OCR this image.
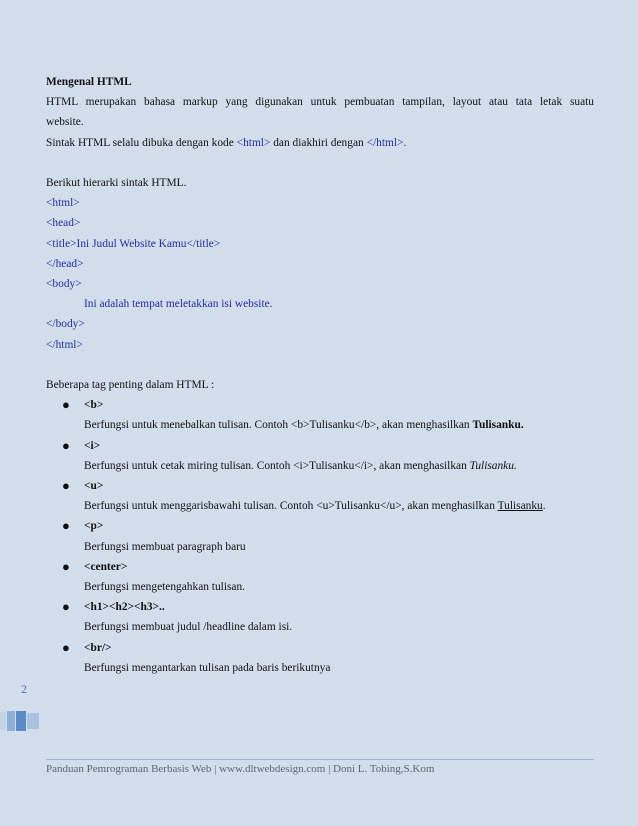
Mengenal HTML

HTML merupakan bahasa markup yang digunakan untuk pembuatan tampilan, layout atau tata letak suatu

website.

Sintak HTML selalu dibuka dengan kode <html> dan diakhiri dengan </html>.

Berikut hierarki sintak HTML.

<html>

<head>

<title>Ini Judul Website Kamu</title>

</head>

<body>

Ini adalah tempat meletakkan isi website.

</body>

</html>

Beberapa tag penting dalam HTML :

● <b>
Berfungsi untuk menebalkan tulisan. Contoh <b>Tulisanku</b>, akan menghasilkan Tulisanku.
● <i>
Berfungsi untuk cetak miring tulisan. Contoh <i>Tulisanku</i>, akan menghasilkan Tulisanku.
● <u>
Berfungsi untuk menggarisbawahi tulisan. Contoh <u>Tulisanku</u>, akan menghasilkan Tulisanku.
● <p>
Berfungsi membuat paragraph baru
● <center>
Berfungsi mengetengahkan tulisan.
● <h1><h2><h3>..
Berfungsi membuat judul /headline dalam isi.
● <br/>
Berfungsi mengantarkan tulisan pada baris berikutnya
2
Panduan Pemrograman Berbasis Web | www.dltwebdesign.com | Doni L. Tobing,S.Kom
